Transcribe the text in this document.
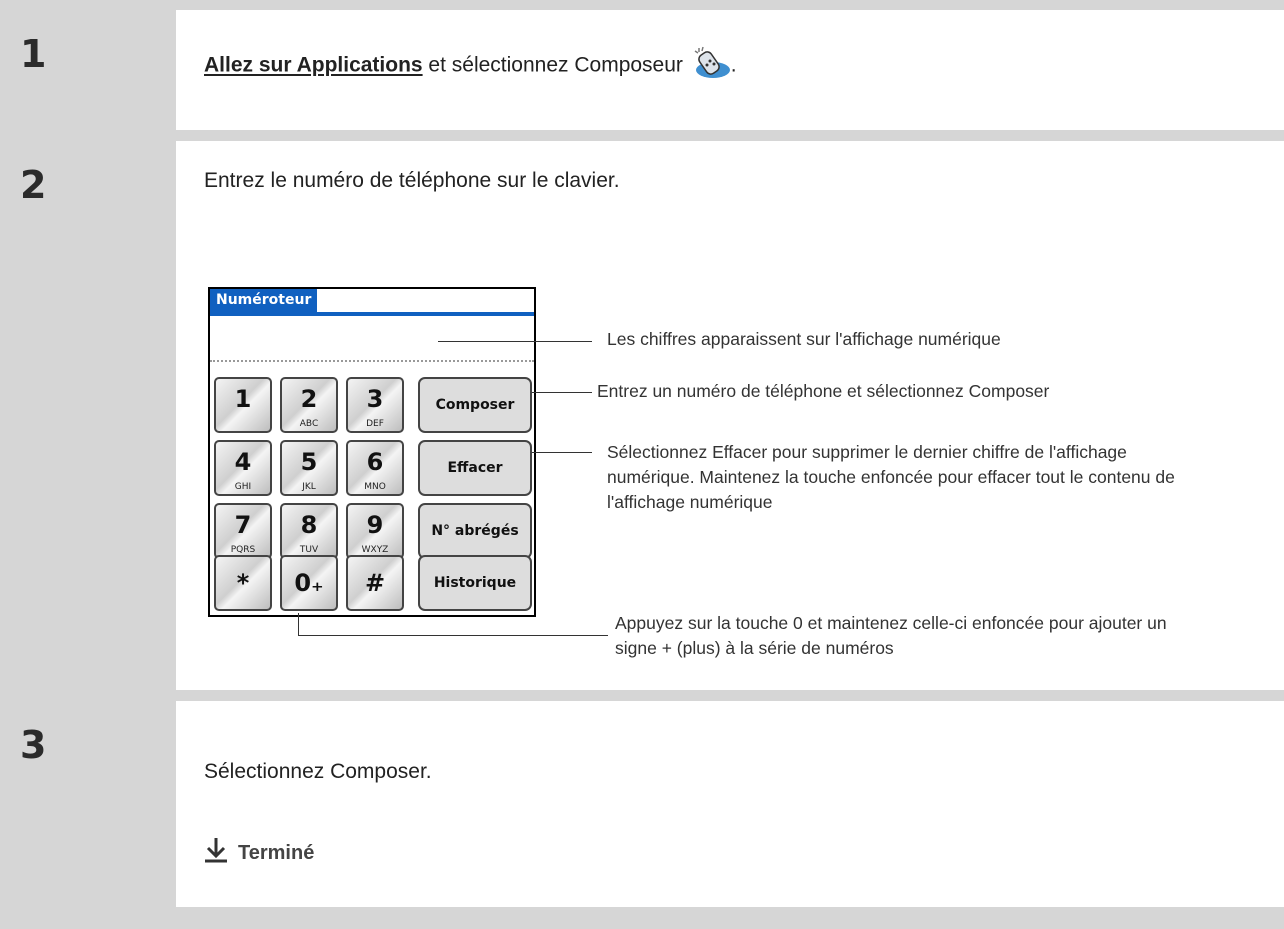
1	Allez sur Applications et sélectionnez Composeur .
2	Entrez le numéro de téléphone sur le clavier.
Numéroteur
1	2
ABC
3
DEF
4
GHI
5
JKL
6
MNO
7
PQRS
8
TUV
9
WXYZ
*	0₊	#
Composer
Effacer
N° abrégés
Historique
Les chiffres apparaissent sur l'affichage numérique
Entrez un numéro de téléphone et sélectionnez Composer
Sélectionnez Effacer pour supprimer le dernier chiffre de l'affichage numérique. Maintenez la touche enfoncée pour effacer tout le contenu de l'affichage numérique
Appuyez sur la touche 0 et maintenez celle-ci enfoncée pour ajouter un signe + (plus) à la série de numéros
3
Sélectionnez Composer.
Terminé
